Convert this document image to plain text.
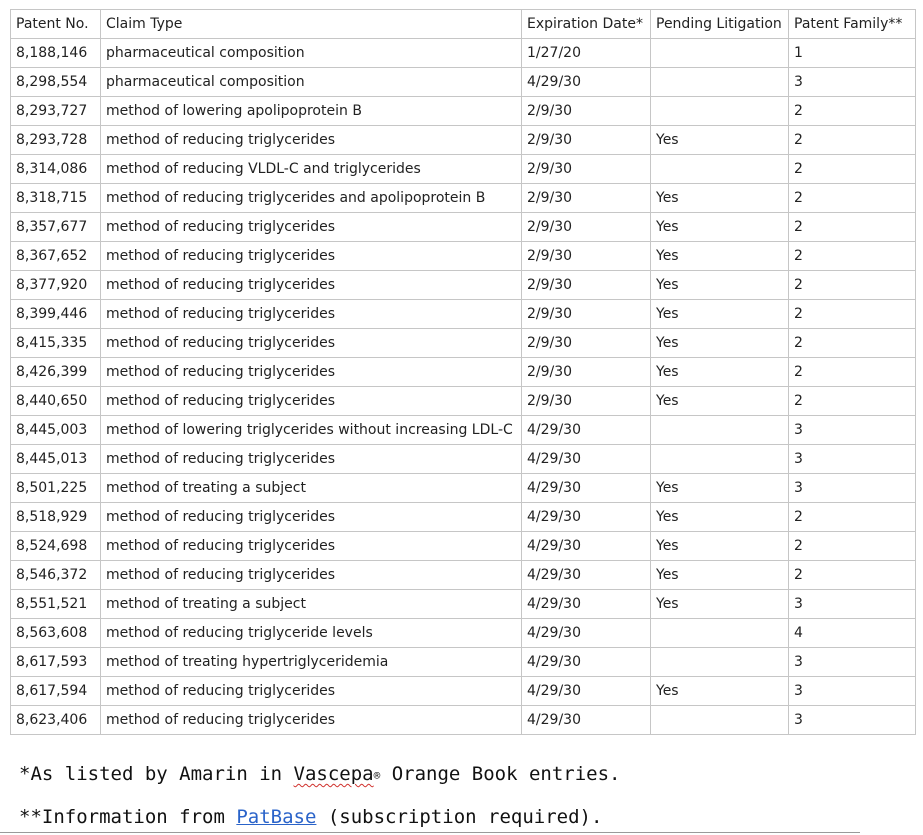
Patent No.	Claim Type	Expiration Date*	Pending Litigation	Patent Family**
8,188,146	pharmaceutical composition	1/27/20		1
8,298,554	pharmaceutical composition	4/29/30		3
8,293,727	method of lowering apolipoprotein B	2/9/30		2
8,293,728	method of reducing triglycerides	2/9/30	Yes	2
8,314,086	method of reducing VLDL-C and triglycerides	2/9/30		2
8,318,715	method of reducing triglycerides and apolipoprotein B	2/9/30	Yes	2
8,357,677	method of reducing triglycerides	2/9/30	Yes	2
8,367,652	method of reducing triglycerides	2/9/30	Yes	2
8,377,920	method of reducing triglycerides	2/9/30	Yes	2
8,399,446	method of reducing triglycerides	2/9/30	Yes	2
8,415,335	method of reducing triglycerides	2/9/30	Yes	2
8,426,399	method of reducing triglycerides	2/9/30	Yes	2
8,440,650	method of reducing triglycerides	2/9/30	Yes	2
8,445,003	method of lowering triglycerides without increasing LDL-C	4/29/30		3
8,445,013	method of reducing triglycerides	4/29/30		3
8,501,225	method of treating a subject	4/29/30	Yes	3
8,518,929	method of reducing triglycerides	4/29/30	Yes	2
8,524,698	method of reducing triglycerides	4/29/30	Yes	2
8,546,372	method of reducing triglycerides	4/29/30	Yes	2
8,551,521	method of treating a subject	4/29/30	Yes	3
8,563,608	method of reducing triglyceride levels	4/29/30		4
8,617,593	method of treating hypertriglyceridemia	4/29/30		3
8,617,594	method of reducing triglycerides	4/29/30	Yes	3
8,623,406	method of reducing triglycerides	4/29/30		3
*As listed by Amarin in Vascepa® Orange Book entries.
**Information from PatBase (subscription required).
